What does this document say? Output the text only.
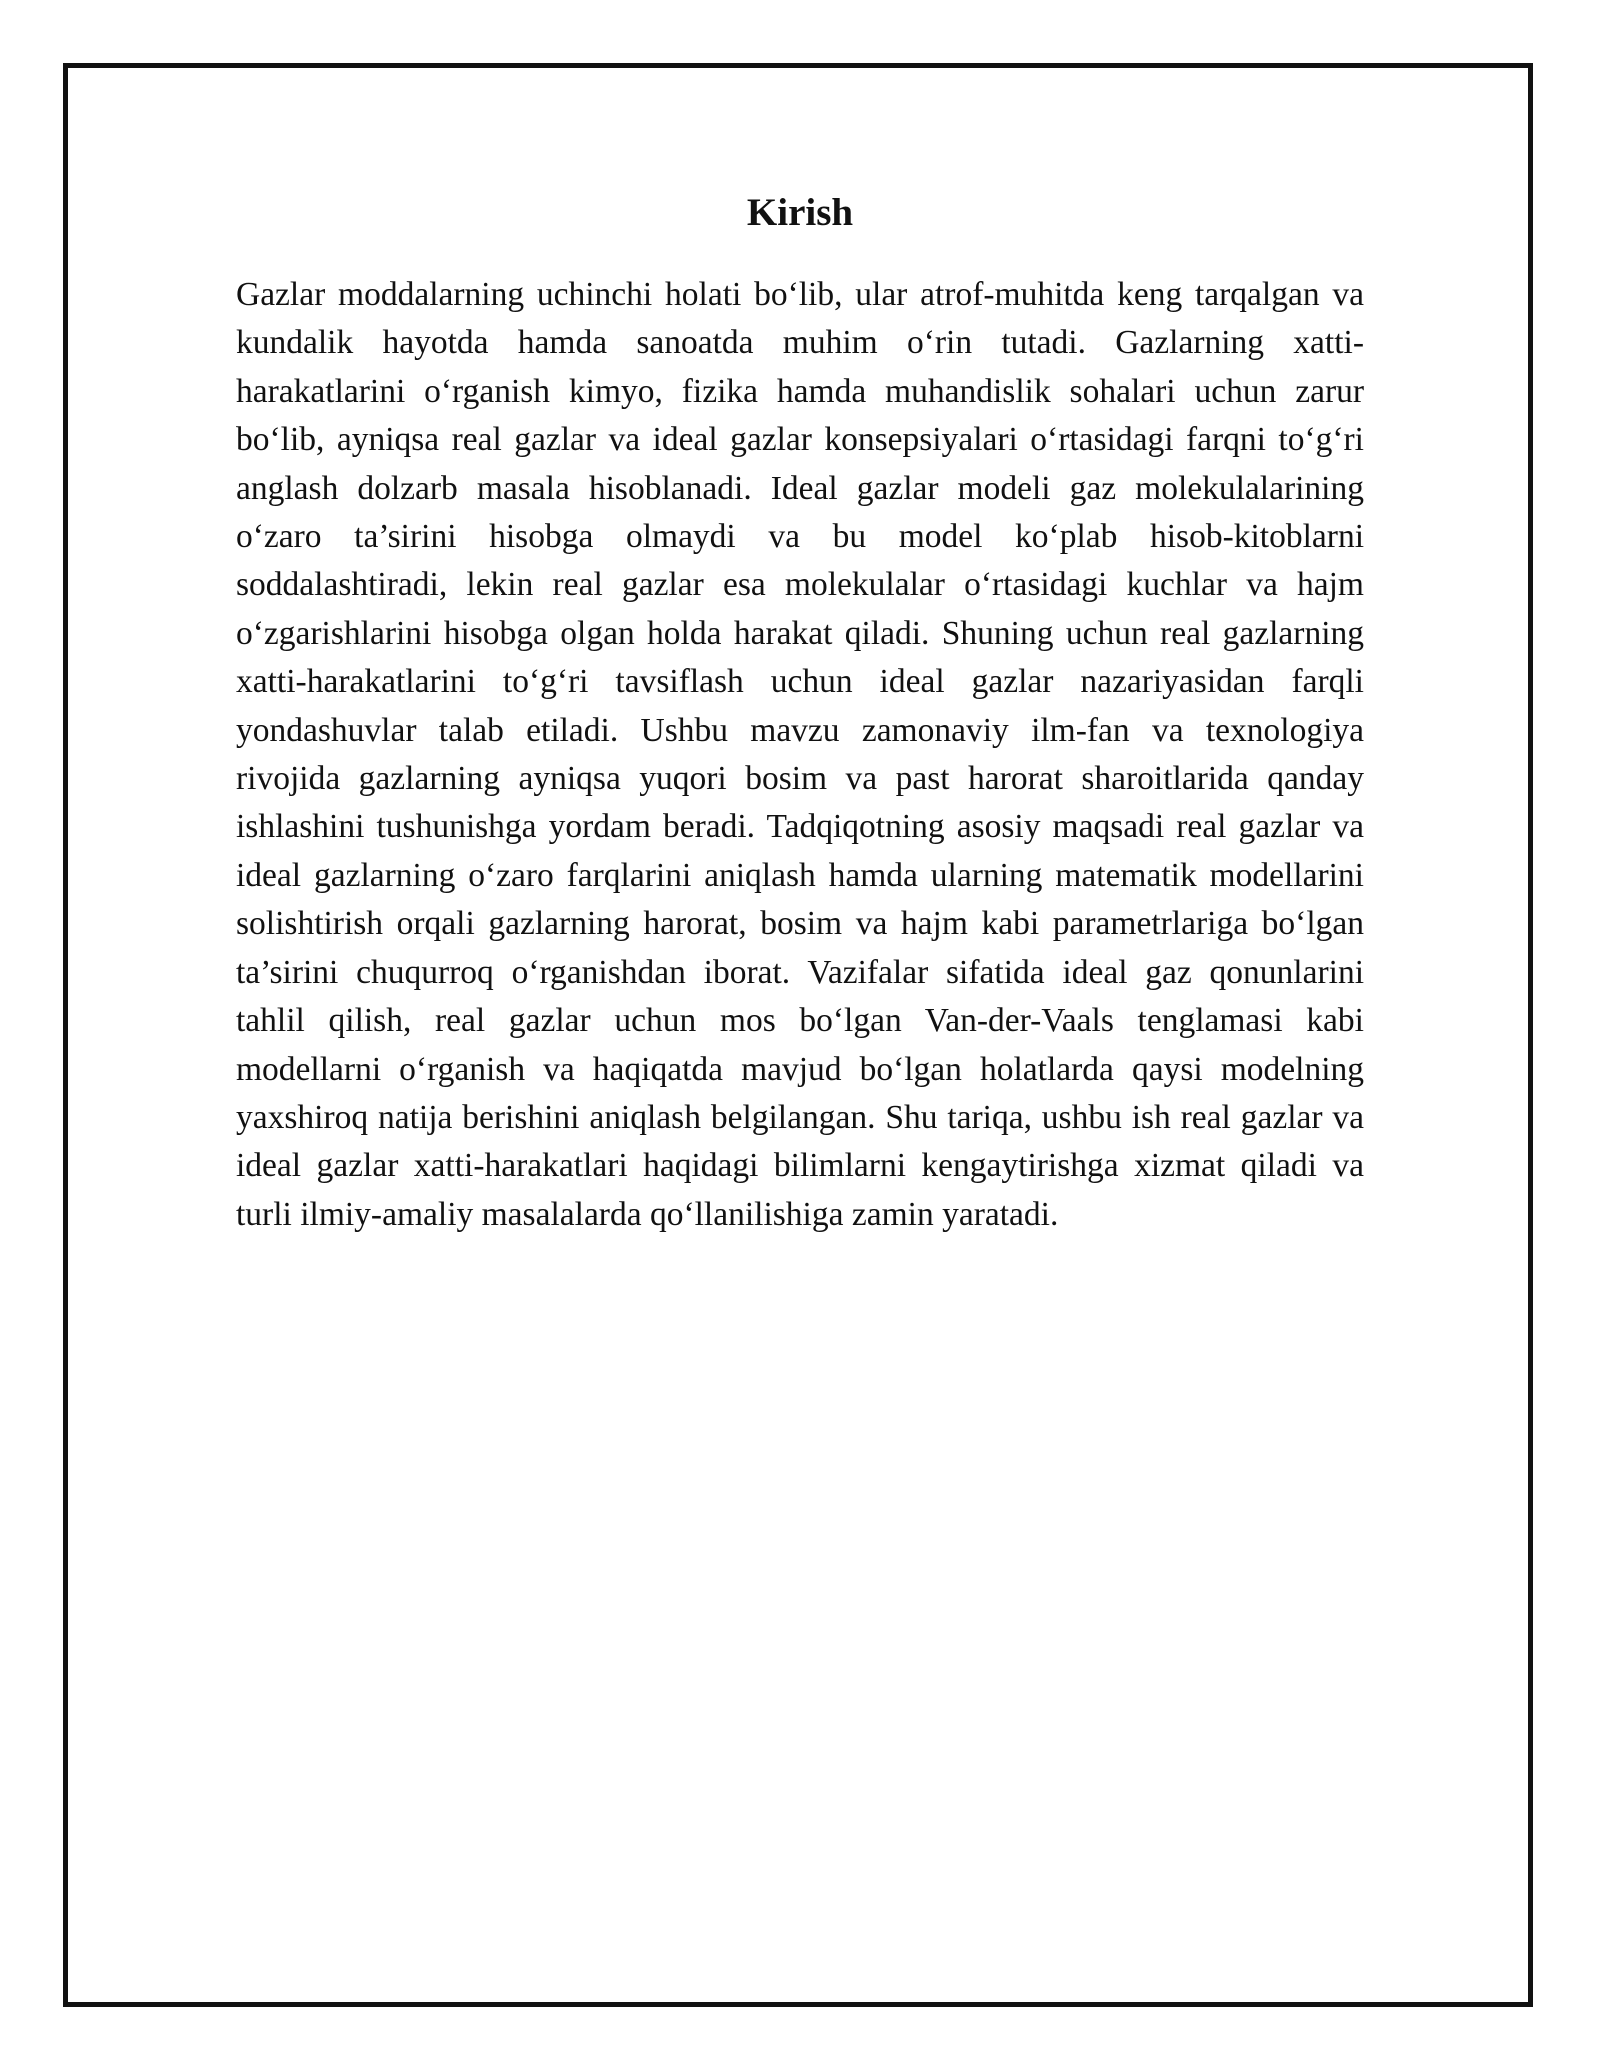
Kirish

Gazlar moddalarning uchinchi holati bo‘lib, ular atrof-muhitda keng tarqalgan va kundalik hayotda hamda sanoatda muhim o‘rin tutadi. Gazlarning xatti-harakatlarini o‘rganish kimyo, fizika hamda muhandislik sohalari uchun zarur bo‘lib, ayniqsa real gazlar va ideal gazlar konsepsiyalari o‘rtasidagi farqni to‘g‘ri anglash dolzarb masala hisoblanadi. Ideal gazlar modeli gaz molekulalarining o‘zaro ta’sirini hisobga olmaydi va bu model ko‘plab hisob-kitoblarni soddalashtiradi, lekin real gazlar esa molekulalar o‘rtasidagi kuchlar va hajm o‘zgarishlarini hisobga olgan holda harakat qiladi. Shuning uchun real gazlarning xatti-harakatlarini to‘g‘ri tavsiflash uchun ideal gazlar nazariyasidan farqli yondashuvlar talab etiladi. Ushbu mavzu zamonaviy ilm-fan va texnologiya rivojida gazlarning ayniqsa yuqori bosim va past harorat sharoitlarida qanday ishlashini tushunishga yordam beradi. Tadqiqotning asosiy maqsadi real gazlar va ideal gazlarning o‘zaro farqlarini aniqlash hamda ularning matematik modellarini solishtirish orqali gazlarning harorat, bosim va hajm kabi parametrlariga bo‘lgan ta’sirini chuqurroq o‘rganishdan iborat. Vazifalar sifatida ideal gaz qonunlarini tahlil qilish, real gazlar uchun mos bo‘lgan Van-der-Vaals tenglamasi kabi modellarni o‘rganish va haqiqatda mavjud bo‘lgan holatlarda qaysi modelning yaxshiroq natija berishini aniqlash belgilangan. Shu tariqa, ushbu ish real gazlar va ideal gazlar xatti-harakatlari haqidagi bilimlarni kengaytirishga xizmat qiladi va turli ilmiy-amaliy masalalarda qo‘llanilishiga zamin yaratadi.
